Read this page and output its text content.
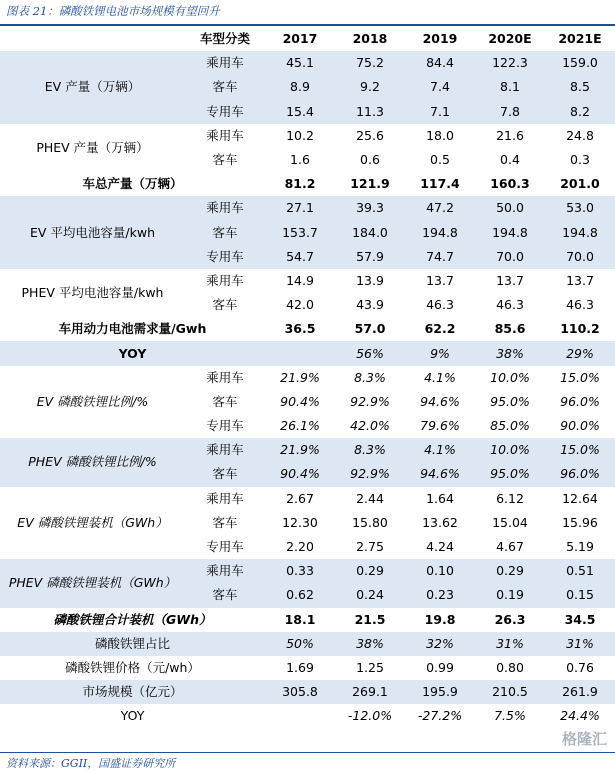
图表 21：磷酸铁锂电池市场规模有望回升
	车型分类	2017	2018	2019	2020E	2021E
EV 产量（万辆）	乘用车	45.1	75.2	84.4	122.3	159.0
	客车	8.9	9.2	7.4	8.1	8.5
	专用车	15.4	11.3	7.1	7.8	8.2
PHEV 产量（万辆）	乘用车	10.2	25.6	18.0	21.6	24.8
	客车	1.6	0.6	0.5	0.4	0.3
车总产量（万辆）		81.2	121.9	117.4	160.3	201.0
EV 平均电池容量/kwh	乘用车	27.1	39.3	47.2	50.0	53.0
	客车	153.7	184.0	194.8	194.8	194.8
	专用车	54.7	57.9	74.7	70.0	70.0
PHEV 平均电池容量/kwh	乘用车	14.9	13.9	13.7	13.7	13.7
	客车	42.0	43.9	46.3	46.3	46.3
车用动力电池需求量/Gwh		36.5	57.0	62.2	85.6	110.2
YOY			56%	9%	38%	29%
EV 磷酸铁锂比例/%	乘用车	21.9%	8.3%	4.1%	10.0%	15.0%
	客车	90.4%	92.9%	94.6%	95.0%	96.0%
	专用车	26.1%	42.0%	79.6%	85.0%	90.0%
PHEV 磷酸铁锂比例/%	乘用车	21.9%	8.3%	4.1%	10.0%	15.0%
	客车	90.4%	92.9%	94.6%	95.0%	96.0%
EV 磷酸铁锂装机（GWh）	乘用车	2.67	2.44	1.64	6.12	12.64
	客车	12.30	15.80	13.62	15.04	15.96
	专用车	2.20	2.75	4.24	4.67	5.19
PHEV 磷酸铁锂装机（GWh）	乘用车	0.33	0.29	0.10	0.29	0.51
	客车	0.62	0.24	0.23	0.19	0.15
磷酸铁锂合计装机（GWh）		18.1	21.5	19.8	26.3	34.5
磷酸铁锂占比		50%	38%	32%	31%	31%
磷酸铁锂价格（元/wh）		1.69	1.25	0.99	0.80	0.76
市场规模（亿元）		305.8	269.1	195.9	210.5	261.9
YOY			-12.0%	-27.2%	7.5%	24.4%
资料来源：GGII，国盛证券研究所
格隆汇
